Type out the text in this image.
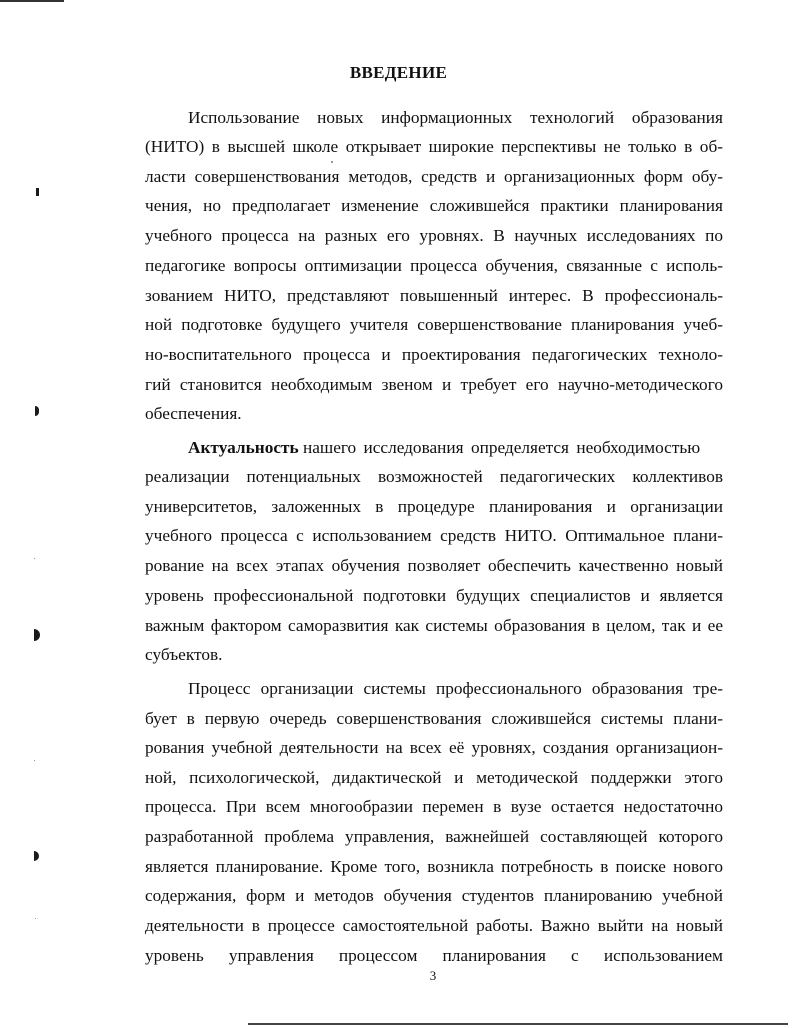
ВВЕДЕНИЕ
Использование новых информационных технологий образования
(НИТО) в высшей школе открывает широкие перспективы не только в об-
ласти совершенствования методов, средств и организационных форм обу-
чения, но предполагает изменение сложившейся практики планирования
учебного процесса на разных его уровнях. В научных исследованиях по
педагогике вопросы оптимизации процесса обучения, связанные с исполь-
зованием НИТО, представляют повышенный интерес. В профессиональ-
ной подготовке будущего учителя совершенствование планирования учеб-
но-воспитательного процесса и проектирования педагогических техноло-
гий становится необходимым звеном и требует его научно-методического
обеспечения.
Актуальность нашего исследования определяется необходимостью
реализации потенциальных возможностей педагогических коллективов
университетов, заложенных в процедуре планирования и организации
учебного процесса с использованием средств НИТО. Оптимальное плани-
рование на всех этапах обучения позволяет обеспечить качественно новый
уровень профессиональной подготовки будущих специалистов и является
важным фактором саморазвития как системы образования в целом, так и ее
субъектов.
Процесс организации системы профессионального образования тре-
бует в первую очередь совершенствования сложившейся системы плани-
рования учебной деятельности на всех её уровнях, создания организацион-
ной, психологической, дидактической и методической поддержки этого
процесса. При всем многообразии перемен в вузе остается недостаточно
разработанной проблема управления, важнейшей составляющей которого
является планирование. Кроме того, возникла потребность в поиске нового
содержания, форм и методов обучения студентов планированию учебной
деятельности в процессе самостоятельной работы. Важно выйти на новый
уровень управления процессом планирования с использованием
3
